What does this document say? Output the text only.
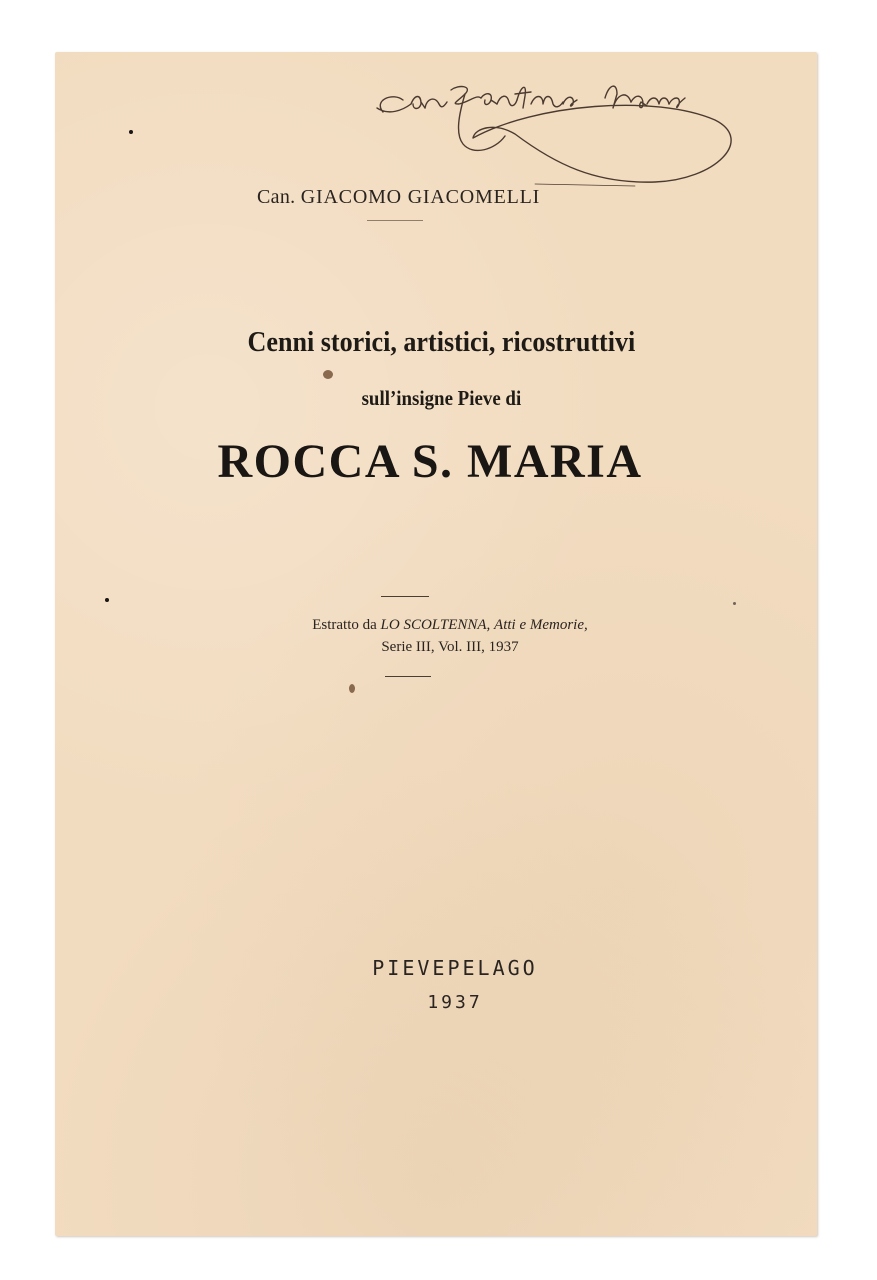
Can. GIACOMO GIACOMELLI
Cenni storici, artistici, ricostruttivi
sull’insigne Pieve di
ROCCA S. MARIA
Estratto da LO SCOLTENNA, Atti e Memorie,
Serie III, Vol. III, 1937
PIEVEPELAGO
1937
